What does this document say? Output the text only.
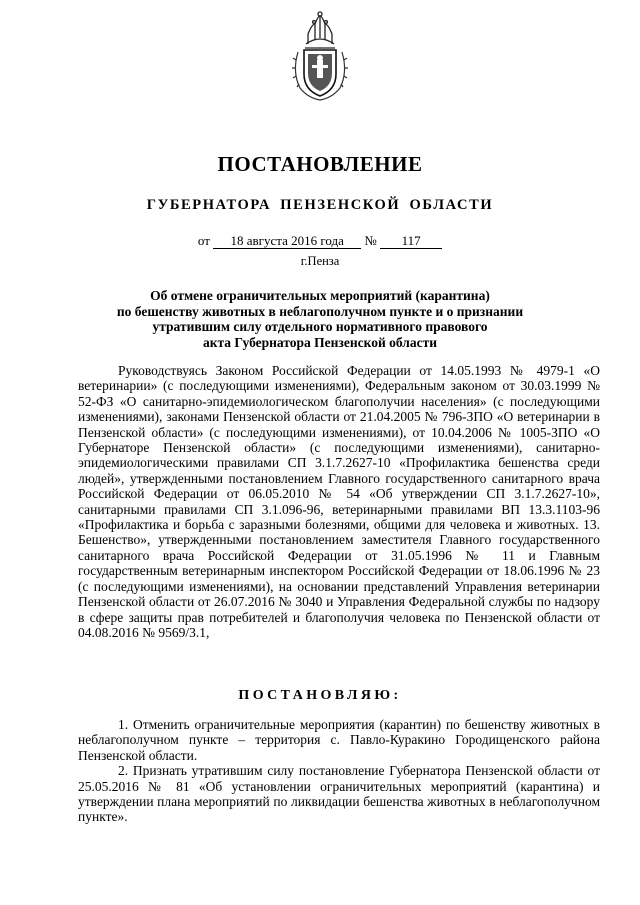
ПОСТАНОВЛЕНИЕ
ГУБЕРНАТОРА ПЕНЗЕНСКОЙ ОБЛАСТИ
от 18 августа 2016 года № 117
г.Пенза
Об отмене ограничительных мероприятий (карантина)
по бешенству животных в неблагополучном пункте и о признании
утратившим силу отдельного нормативного правового
акта Губернатора Пензенской области

Руководствуясь Законом Российской Федерации от 14.05.1993 № 4979-1 «О ветеринарии» (с последующими изменениями), Федеральным законом от 30.03.1999 № 52-ФЗ «О санитарно-эпидемиологическом благополучии населения» (с последующими изменениями), законами Пензенской области от 21.04.2005 № 796-ЗПО «О ветеринарии в Пензенской области» (с последующими изменениями), от 10.04.2006 № 1005-ЗПО «О Губернаторе Пензенской области» (с последующими изменениями), санитарно-эпидемиологическими правилами СП 3.1.7.2627-10 «Профилактика бешенства среди людей», утвержденными постановлением Главного государственного санитарного врача Российской Федерации от 06.05.2010 № 54 «Об утверждении СП 3.1.7.2627-10», санитарными правилами СП 3.1.096-96, ветеринарными правилами ВП 13.3.1103-96 «Профилактика и борьба с заразными болезнями, общими для человека и животных. 13. Бешенство», утвержденными постановлением заместителя Главного государственного санитарного врача Российской Федерации от 31.05.1996 № 11 и Главным государственным ветеринарным инспектором Российской Федерации от 18.06.1996 № 23 (с последующими изменениями), на основании представлений Управления ветеринарии Пензенской области от 26.07.2016 № 3040 и Управления Федеральной службы по надзору в сфере защиты прав потребителей и благополучия человека по Пензенской области от 04.08.2016 № 9569/3.1,

ПОСТАНОВЛЯЮ:

1. Отменить ограничительные мероприятия (карантин) по бешенству животных в неблагополучном пункте – территория с. Павло-Куракино Городищенского района Пензенской области.

2. Признать утратившим силу постановление Губернатора Пензенской области от 25.05.2016 № 81 «Об установлении ограничительных мероприятий (карантина) и утверждении плана мероприятий по ликвидации бешенства животных в неблагополучном пункте».
